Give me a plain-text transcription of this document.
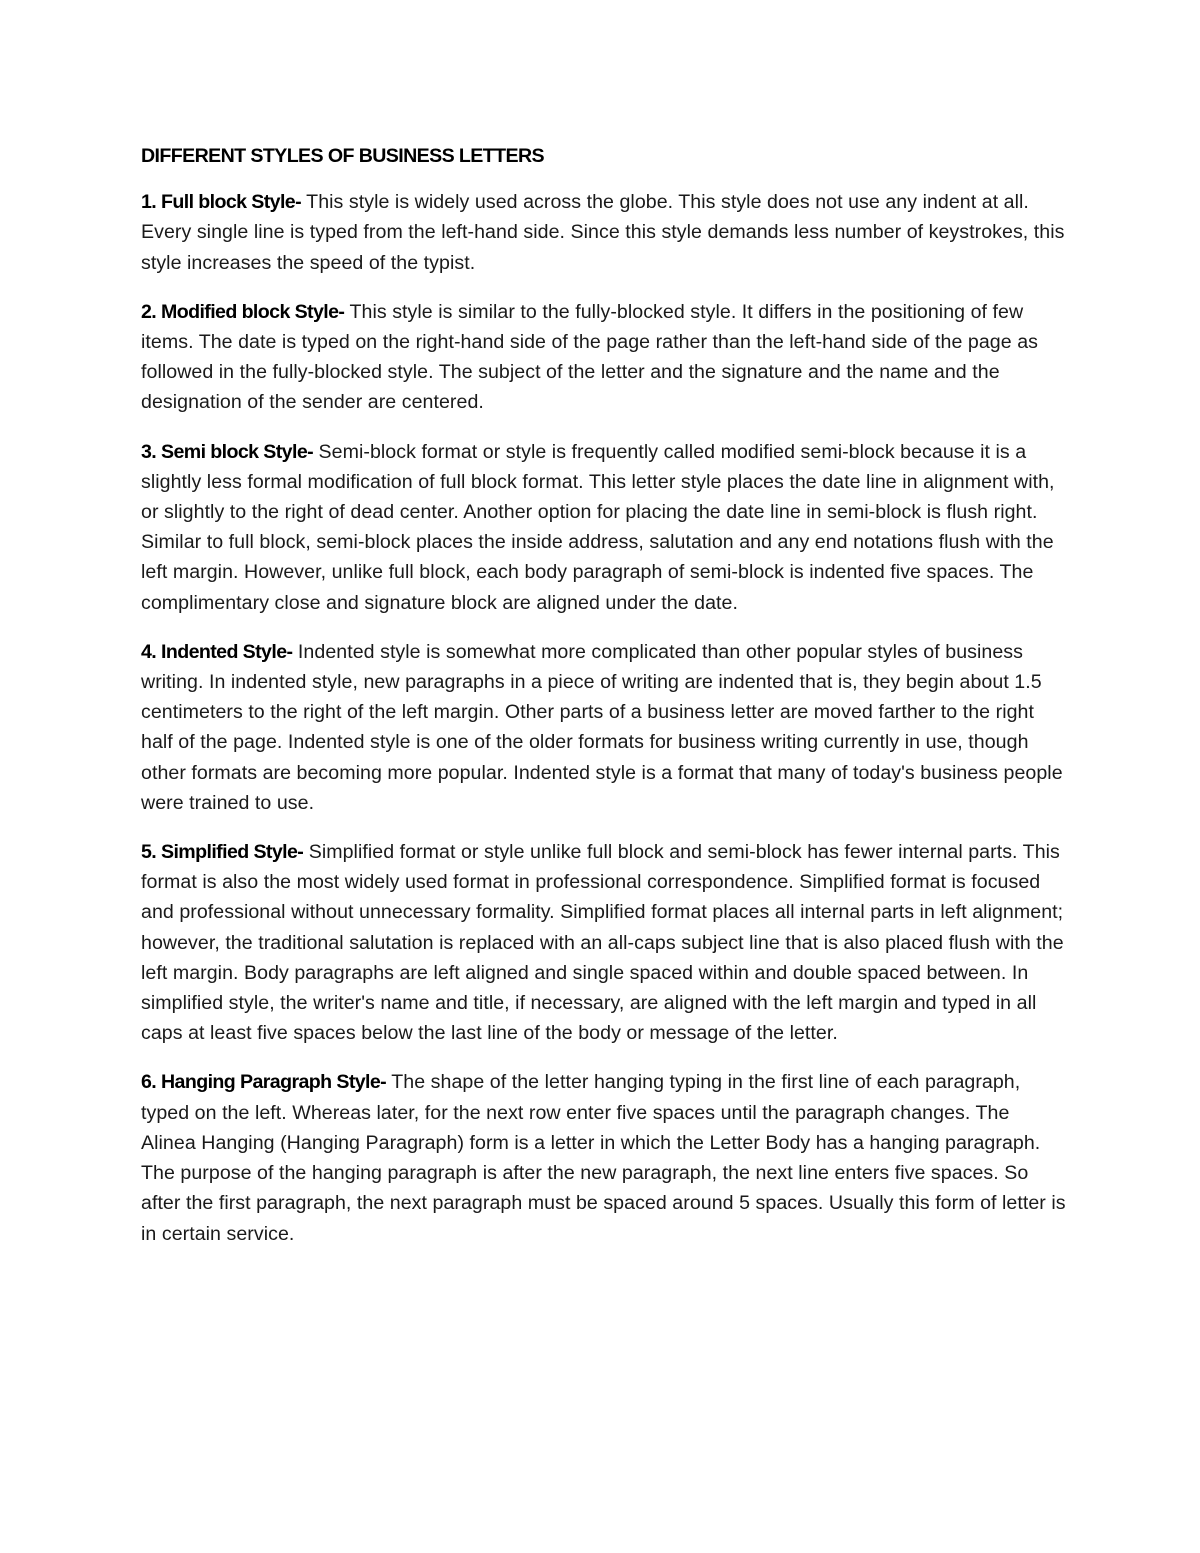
DIFFERENT STYLES OF BUSINESS LETTERS

1. Full block Style- This style is widely used across the globe. This style does not use any indent at all. Every single line is typed from the left-hand side. Since this style demands less number of keystrokes, this style increases the speed of the typist.

2. Modified block Style- This style is similar to the fully-blocked style. It differs in the positioning of few items. The date is typed on the right-hand side of the page rather than the left-hand side of the page as followed in the fully-blocked style. The subject of the letter and the signature and the name and the designation of the sender are centered.

3. Semi block Style- Semi-block format or style is frequently called modified semi-block because it is a slightly less formal modification of full block format. This letter style places the date line in alignment with, or slightly to the right of dead center. Another option for placing the date line in semi-block is flush right. Similar to full block, semi-block places the inside address, salutation and any end notations flush with the left margin. However, unlike full block, each body paragraph of semi-block is indented five spaces. The complimentary close and signature block are aligned under the date.

4. Indented Style- Indented style is somewhat more complicated than other popular styles of business writing. In indented style, new paragraphs in a piece of writing are indented that is, they begin about 1.5 centimeters to the right of the left margin. Other parts of a business letter are moved farther to the right half of the page. Indented style is one of the older formats for business writing currently in use, though other formats are becoming more popular. Indented style is a format that many of today's business people were trained to use.

5. Simplified Style- Simplified format or style unlike full block and semi-block has fewer internal parts. This format is also the most widely used format in professional correspondence. Simplified format is focused and professional without unnecessary formality. Simplified format places all internal parts in left alignment; however, the traditional salutation is replaced with an all-caps subject line that is also placed flush with the left margin. Body paragraphs are left aligned and single spaced within and double spaced between. In simplified style, the writer's name and title, if necessary, are aligned with the left margin and typed in all caps at least five spaces below the last line of the body or message of the letter.

6. Hanging Paragraph Style- The shape of the letter hanging typing in the first line of each paragraph, typed on the left. Whereas later, for the next row enter five spaces until the paragraph changes. The Alinea Hanging (Hanging Paragraph) form is a letter in which the Letter Body has a hanging paragraph. The purpose of the hanging paragraph is after the new paragraph, the next line enters five spaces. So after the first paragraph, the next paragraph must be spaced around 5 spaces. Usually this form of letter is in certain service.
